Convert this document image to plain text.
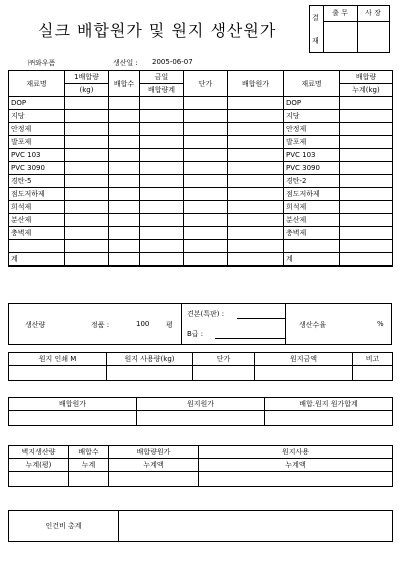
실크 배합원가 및 원지 생산원가
결
재
출 무	사 장
㈜와우폼	생산일 : 2005-06-07
재료명	1배합량	배합수	금일	단가	배합원가	재료명	배합량
	(kg)		배합량계				누계(kg)
DOP						DOP	
지당						지당	
안정제						안정제	
발포제						발포제	
PVC 103						PVC 103	
PVC 3090						PVC 3090	
경탄-5						경탄-2	
점도저하제						점도저하제	
희석제						희석제	
분산제						분산제	
충벽제						충벽제	

계						계	
생산량	정품 :	100 평
견본(특판) :
B급 :
생산수율	%
원지 인쇄 M	원지 사용량(kg)	단가	원지금액	비고

배합원가	원지원가	배합.원지 원가합계

벽지생산량	배합수	배합량원가	원지사용
누계(평)	누계	누계액	누계액

인건비 총계	
